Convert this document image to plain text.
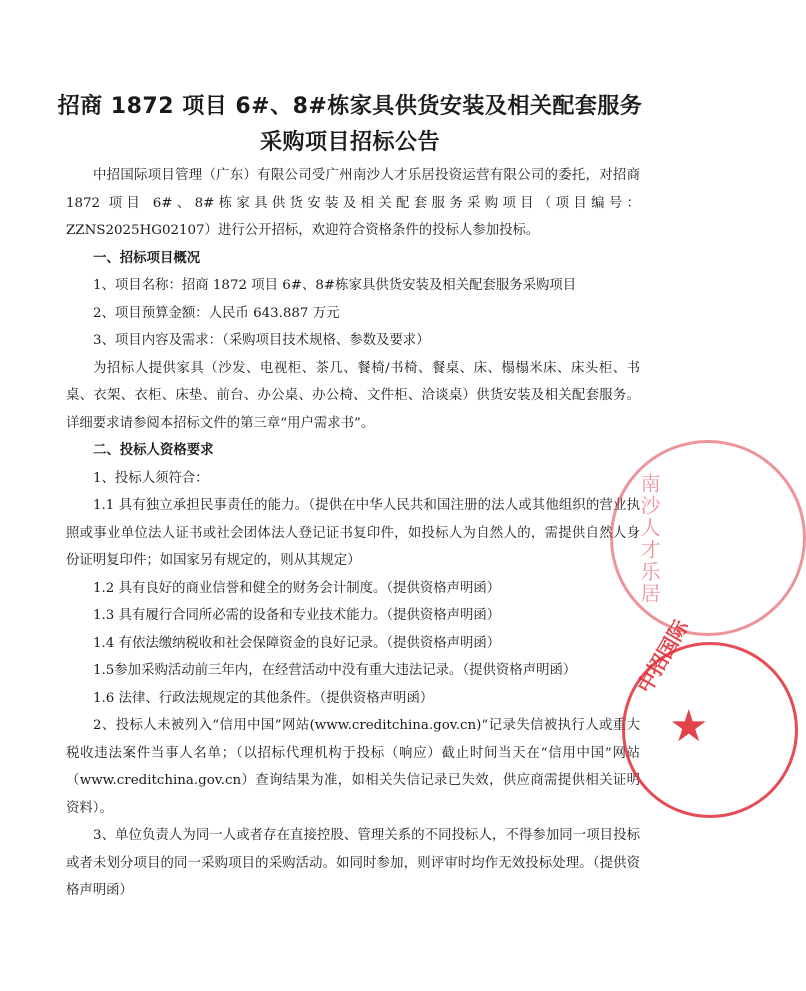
招商 1872 项目 6#、8#栋家具供货安装及相关配套服务
采购项目招标公告

中招国际项目管理（广东）有限公司受广州南沙人才乐居投资运营有限公司的委托，对招商 1872 项目 6#、8#栋家具供货安装及相关配套服务采购项目（项目编号：ZZNS2025HG02107）进行公开招标，欢迎符合资格条件的投标人参加投标。

一、招标项目概况

1、项目名称：招商 1872 项目 6#、8#栋家具供货安装及相关配套服务采购项目

2、项目预算金额：人民币 643.887 万元

3、项目内容及需求：（采购项目技术规格、参数及要求）

为招标人提供家具（沙发、电视柜、茶几、餐椅/书椅、餐桌、床、榻榻米床、床头柜、书桌、衣架、衣柜、床垫、前台、办公桌、办公椅、文件柜、洽谈桌）供货安装及相关配套服务。详细要求请参阅本招标文件的第三章“用户需求书”。

二、投标人资格要求

1、投标人须符合：

1.1 具有独立承担民事责任的能力。（提供在中华人民共和国注册的法人或其他组织的营业执照或事业单位法人证书或社会团体法人登记证书复印件，如投标人为自然人的，需提供自然人身份证明复印件；如国家另有规定的，则从其规定）

1.2 具有良好的商业信誉和健全的财务会计制度。（提供资格声明函）

1.3 具有履行合同所必需的设备和专业技术能力。（提供资格声明函）

1.4 有依法缴纳税收和社会保障资金的良好记录。（提供资格声明函）

1.5参加采购活动前三年内，在经营活动中没有重大违法记录。（提供资格声明函）

1.6 法律、行政法规规定的其他条件。（提供资格声明函）

2、投标人未被列入“信用中国”网站(www.creditchina.gov.cn)“记录失信被执行人或重大税收违法案件当事人名单；（以招标代理机构于投标（响应）截止时间当天在“信用中国”网站（www.creditchina.gov.cn）查询结果为准，如相关失信记录已失效，供应商需提供相关证明资料）。

3、单位负责人为同一人或者存在直接控股、管理关系的不同投标人，不得参加同一项目投标或者未划分项目的同一采购项目的采购活动。如同时参加，则评审时均作无效投标处理。（提供资格声明函）

南沙人才乐居
中招国际
★
